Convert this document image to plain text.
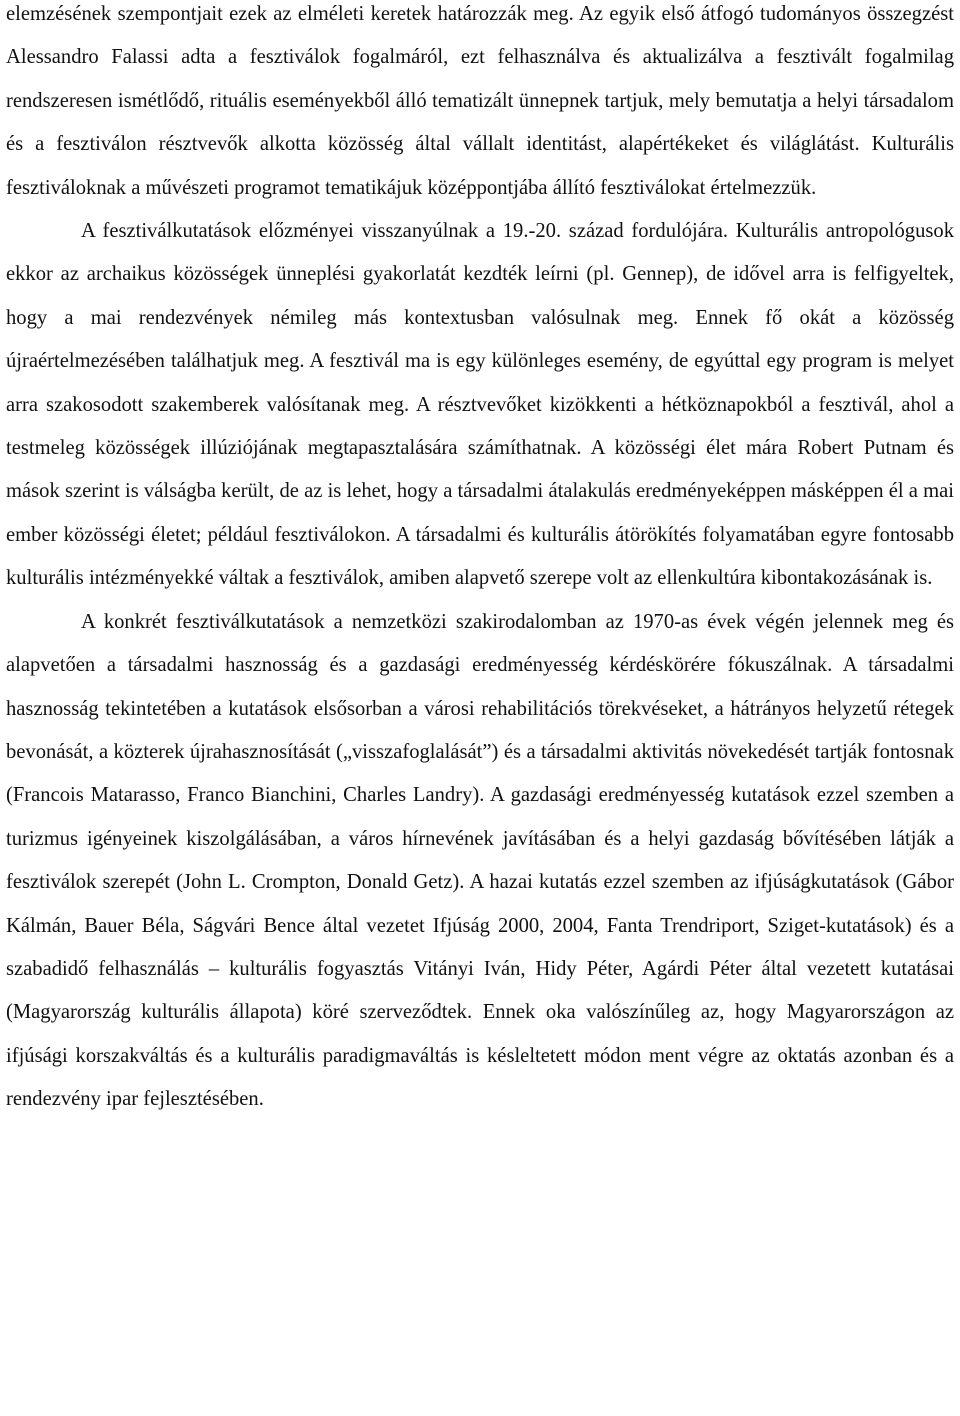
elemzésének szempontjait ezek az elméleti keretek határozzák meg. Az egyik első átfogó tudományos összegzést Alessandro Falassi adta a fesztiválok fogalmáról, ezt felhasználva és aktualizálva a fesztivált fogalmilag rendszeresen ismétlődő, rituális eseményekből álló tematizált ünnepnek tartjuk, mely bemutatja a helyi társadalom és a fesztiválon résztvevők alkotta közösség által vállalt identitást, alapértékeket és világlátást. Kulturális fesztiváloknak a művészeti programot tematikájuk középpontjába állító fesztiválokat értelmezzük.

A fesztiválkutatások előzményei visszanyúlnak a 19.-20. század fordulójára. Kulturális antropológusok ekkor az archaikus közösségek ünneplési gyakorlatát kezdték leírni (pl. Gennep), de idővel arra is felfigyeltek, hogy a mai rendezvények némileg más kontextusban valósulnak meg. Ennek fő okát a közösség újraértelmezésében találhatjuk meg. A fesztivál ma is egy különleges esemény, de egyúttal egy program is melyet arra szakosodott szakemberek valósítanak meg. A résztvevőket kizökkenti a hétköznapokból a fesztivál, ahol a testmeleg közösségek illúziójának megtapasztalására számíthatnak. A közösségi élet mára Robert Putnam és mások szerint is válságba került, de az is lehet, hogy a társadalmi átalakulás eredményeképpen másképpen él a mai ember közösségi életet; például fesztiválokon. A társadalmi és kulturális átörökítés folyamatában egyre fontosabb kulturális intézményekké váltak a fesztiválok, amiben alapvető szerepe volt az ellenkultúra kibontakozásának is.

A konkrét fesztiválkutatások a nemzetközi szakirodalomban az 1970-as évek végén jelennek meg és alapvetően a társadalmi hasznosság és a gazdasági eredményesség kérdéskörére fókuszálnak. A társadalmi hasznosság tekintetében a kutatások elsősorban a városi rehabilitációs törekvéseket, a hátrányos helyzetű rétegek bevonását, a közterek újrahasznosítását („visszafoglalását”) és a társadalmi aktivitás növekedését tartják fontosnak (Francois Matarasso, Franco Bianchini, Charles Landry). A gazdasági eredményesség kutatások ezzel szemben a turizmus igényeinek kiszolgálásában, a város hírnevének javításában és a helyi gazdaság bővítésében látják a fesztiválok szerepét (John L. Crompton, Donald Getz). A hazai kutatás ezzel szemben az ifjúságkutatások (Gábor Kálmán, Bauer Béla, Ságvári Bence által vezetet Ifjúság 2000, 2004, Fanta Trendriport, Sziget-kutatások) és a szabadidő felhasználás – kulturális fogyasztás Vitányi Iván, Hidy Péter, Agárdi Péter által vezetett kutatásai (Magyarország kulturális állapota) köré szerveződtek. Ennek oka valószínűleg az, hogy Magyarországon az ifjúsági korszakváltás és a kulturális paradigmaváltás is késleltetett módon ment végre az oktatás azonban és a rendezvény ipar fejlesztésében.
